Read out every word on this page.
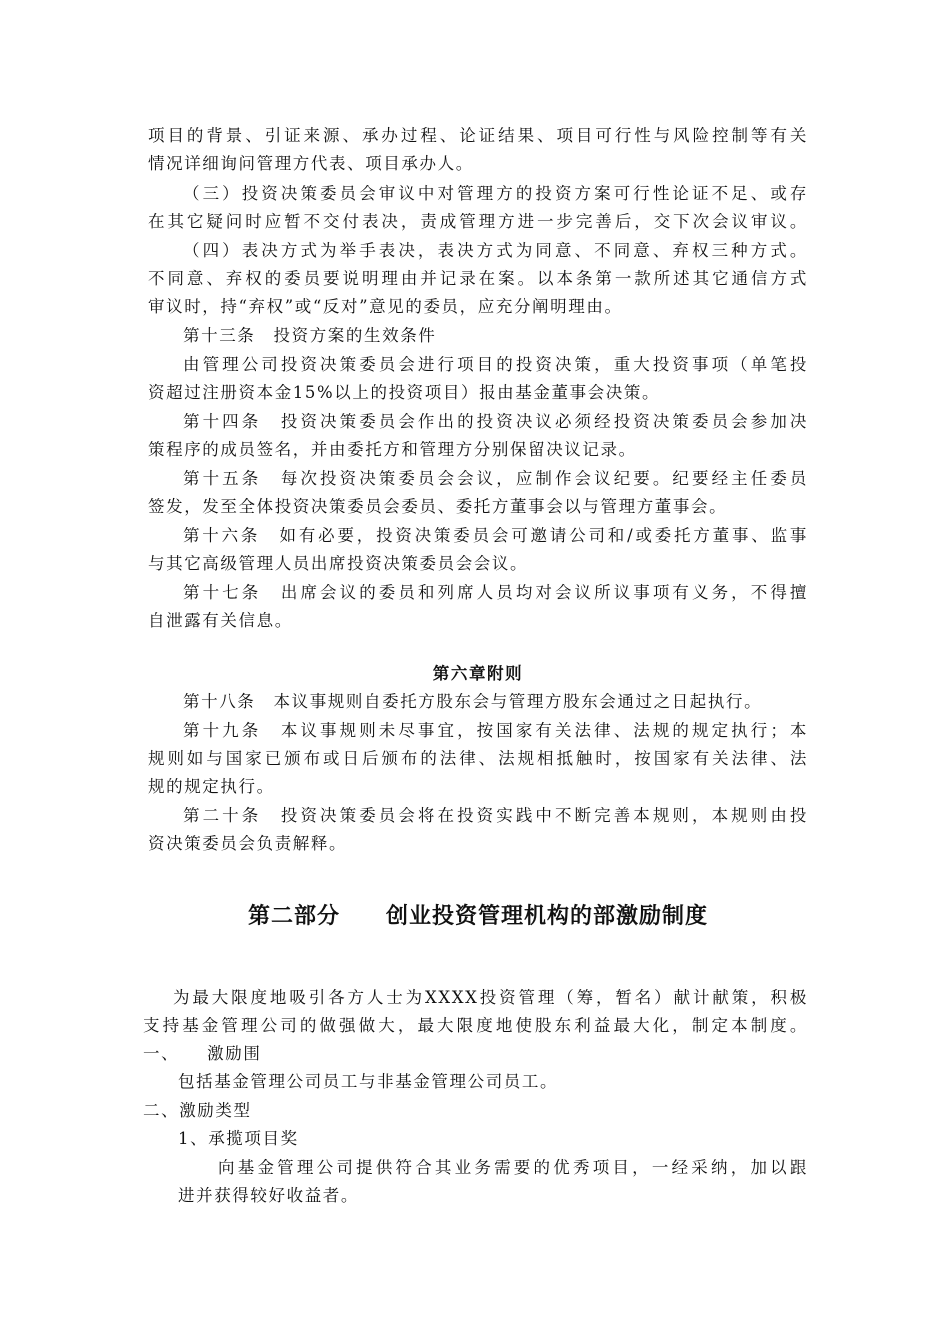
项目的背景、引证来源、承办过程、论证结果、项目可行性与风险控制等有关
情况详细询问管理方代表、项目承办人。
（三）投资决策委员会审议中对管理方的投资方案可行性论证不足、或存
在其它疑问时应暂不交付表决，责成管理方进一步完善后，交下次会议审议。
（四）表决方式为举手表决，表决方式为同意、不同意、弃权三种方式。
不同意、弃权的委员要说明理由并记录在案。以本条第一款所述其它通信方式
审议时，持“弃权”或“反对”意见的委员，应充分阐明理由。
第十三条　投资方案的生效条件
由管理公司投资决策委员会进行项目的投资决策，重大投资事项（单笔投
资超过注册资本金15%以上的投资项目）报由基金董事会决策。
第十四条　投资决策委员会作出的投资决议必须经投资决策委员会参加决
策程序的成员签名，并由委托方和管理方分别保留决议记录。
第十五条　每次投资决策委员会会议，应制作会议纪要。纪要经主任委员
签发，发至全体投资决策委员会委员、委托方董事会以与管理方董事会。
第十六条　如有必要，投资决策委员会可邀请公司和/或委托方董事、监事
与其它高级管理人员出席投资决策委员会会议。
第十七条　出席会议的委员和列席人员均对会议所议事项有义务，不得擅
自泄露有关信息。
第六章附则
第十八条　本议事规则自委托方股东会与管理方股东会通过之日起执行。
第十九条　本议事规则未尽事宜，按国家有关法律、法规的规定执行；本
规则如与国家已颁布或日后颁布的法律、法规相抵触时，按国家有关法律、法
规的规定执行。
第二十条　投资决策委员会将在投资实践中不断完善本规则，本规则由投
资决策委员会负责解释。
第二部分　　创业投资管理机构的部激励制度
为最大限度地吸引各方人士为XXXX投资管理（筹，暂名）献计献策，积极
支持基金管理公司的做强做大，最大限度地使股东利益最大化，制定本制度。
一、　　激励围
包括基金管理公司员工与非基金管理公司员工。
二、激励类型
1、承揽项目奖
向基金管理公司提供符合其业务需要的优秀项目，一经采纳，加以跟
进并获得较好收益者。
